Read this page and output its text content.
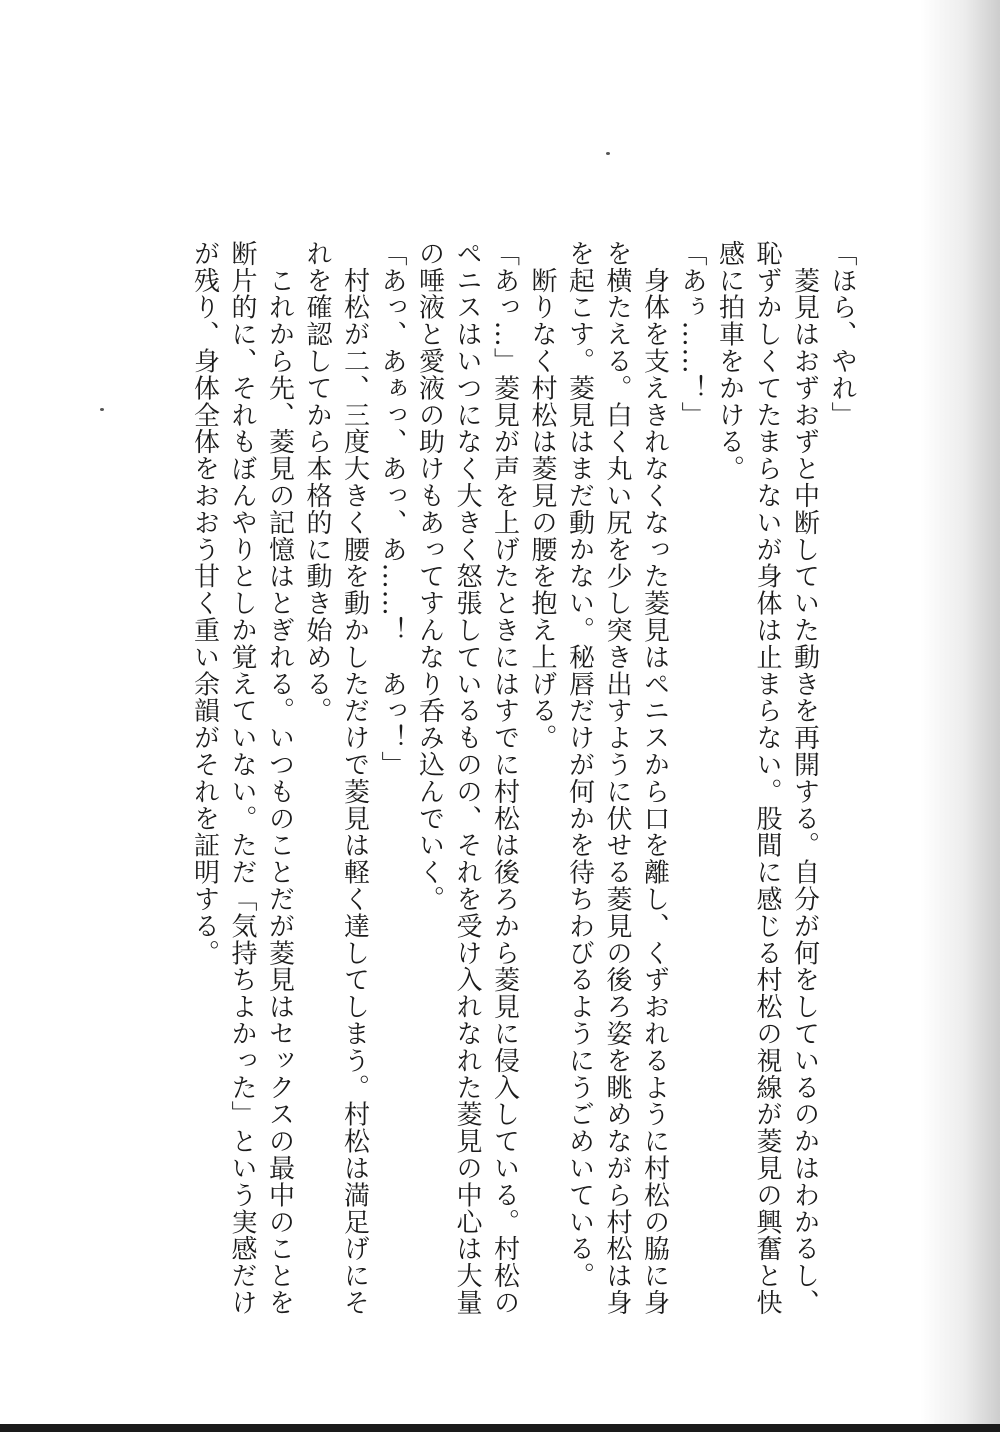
「ほら、やれ」

　菱見はおずおずと中断していた動きを再開する。自分が何をしているのかはわかるし、

恥ずかしくてたまらないが身体は止まらない。股間に感じる村松の視線が菱見の興奮と快

感に拍車をかける。

「あぅ……！」

　身体を支えきれなくなった菱見はペニスから口を離し、くずおれるように村松の脇に身

を横たえる。白く丸い尻を少し突き出すように伏せる菱見の後ろ姿を眺めながら村松は身

を起こす。菱見はまだ動かない。秘唇だけが何かを待ちわびるようにうごめいている。

　断りなく村松は菱見の腰を抱え上げる。

「あっ…」菱見が声を上げたときにはすでに村松は後ろから菱見に侵入している。村松の

ペニスはいつになく大きく怒張しているものの、それを受け入れなれた菱見の中心は大量

の唾液と愛液の助けもあってすんなり呑み込んでいく。

「あっ、あぁっ、あっ、あ……！　あっ！」

　村松が二、三度大きく腰を動かしただけで菱見は軽く達してしまう。村松は満足げにそ

れを確認してから本格的に動き始める。

　これから先、菱見の記憶はとぎれる。いつものことだが菱見はセックスの最中のことを

断片的に、それもぼんやりとしか覚えていない。ただ「気持ちよかった」という実感だけ

が残り、身体全体をおおう甘く重い余韻がそれを証明する。
